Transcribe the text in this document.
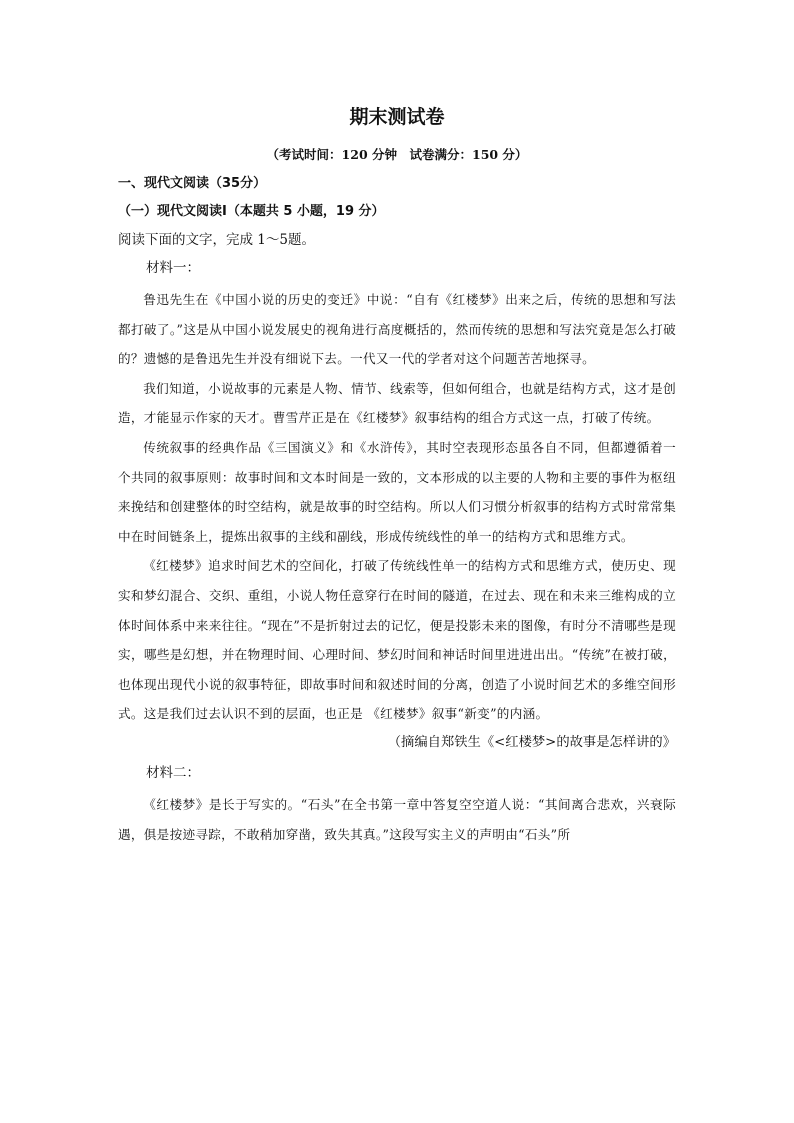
期末测试卷
（考试时间：120 分钟　试卷满分：150 分）
一、现代文阅读（35分）
（一）现代文阅读Ⅰ（本题共 5 小题，19 分）
阅读下面的文字，完成 1～5题。
材料一：

鲁迅先生在《中国小说的历史的变迁》中说：“自有《红楼梦》出来之后，传统的思想和写法都打破了。”这是从中国小说发展史的视角进行高度概括的，然而传统的思想和写法究竟是怎么打破的？遗憾的是鲁迅先生并没有细说下去。一代又一代的学者对这个问题苦苦地探寻。

我们知道，小说故事的元素是人物、情节、线索等，但如何组合，也就是结构方式，这才是创造，才能显示作家的天才。曹雪芹正是在《红楼梦》叙事结构的组合方式这一点，打破了传统。

传统叙事的经典作品《三国演义》和《水浒传》，其时空表现形态虽各自不同，但都遵循着一个共同的叙事原则：故事时间和文本时间是一致的，文本形成的以主要的人物和主要的事件为枢纽来挽结和创建整体的时空结构，就是故事的时空结构。所以人们习惯分析叙事的结构方式时常常集中在时间链条上，提炼出叙事的主线和副线，形成传统线性的单一的结构方式和思维方式。

《红楼梦》追求时间艺术的空间化，打破了传统线性单一的结构方式和思维方式，使历史、现实和梦幻混合、交织、重组，小说人物任意穿行在时间的隧道，在过去、现在和未来三维构成的立体时间体系中来来往往。“现在”不是折射过去的记忆，便是投影未来的图像，有时分不清哪些是现实，哪些是幻想，并在物理时间、心理时间、梦幻时间和神话时间里进进出出。“传统”在被打破，也体现出现代小说的叙事特征，即故事时间和叙述时间的分离，创造了小说时间艺术的多维空间形式。这是我们过去认识不到的层面，也正是 《红楼梦》叙事“新变”的内涵。

（摘编自郑铁生《<红楼梦>的故事是怎样讲的》
材料二：

《红楼梦》是长于写实的。“石头”在全书第一章中答复空空道人说：“其间离合悲欢，兴衰际遇，俱是按迹寻踪，不敢稍加穿凿，致失其真。”这段写实主义的声明由“石头”所
